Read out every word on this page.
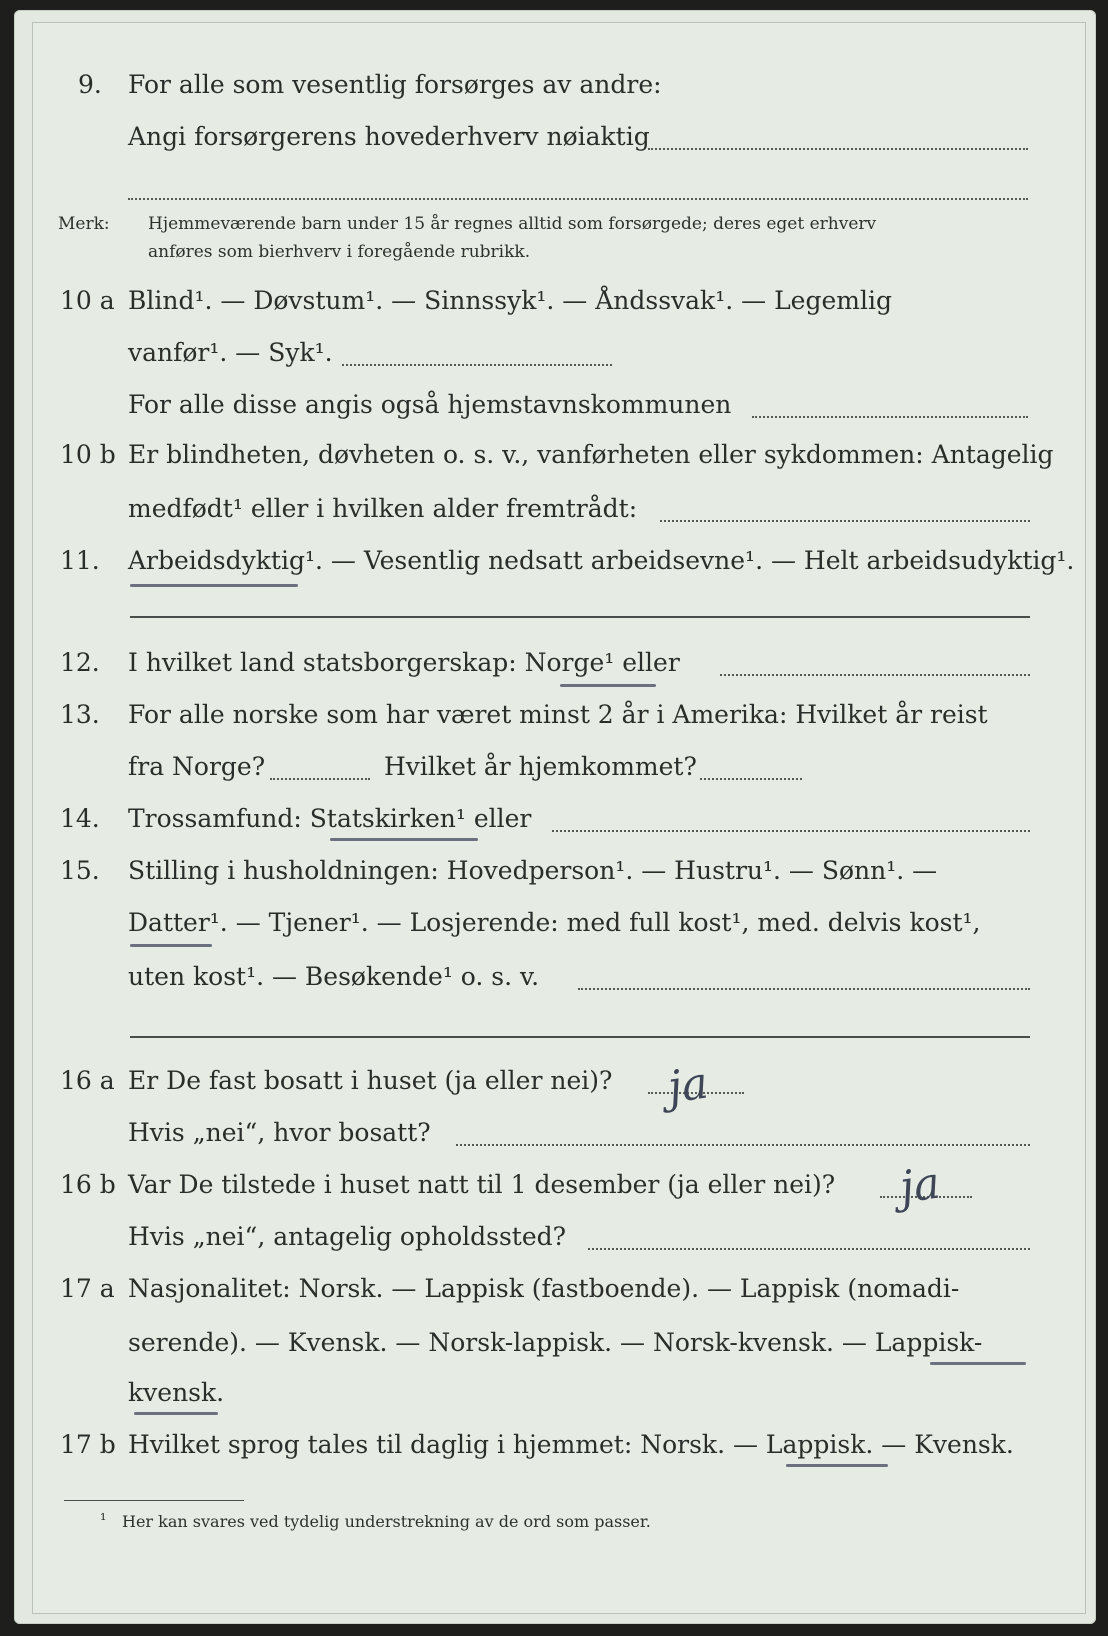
9. For alle som vesentlig forsørges av andre:
Angi forsørgerens hovederhverv nøiaktig
Merk: Hjemmeværende barn under 15 år regnes alltid som forsørgede; deres eget erhverv
anføres som bierhverv i foregående rubrikk.
10 a Blind¹. — Døvstum¹. — Sinnssyk¹. — Åndssvak¹. — Legemlig
vanfør¹. — Syk¹.
For alle disse angis også hjemstavnskommunen
10 b Er blindheten, døvheten o. s. v., vanførheten eller sykdommen: Antagelig
medfødt¹ eller i hvilken alder fremtrådt:
11. Arbeidsdyktig¹. — Vesentlig nedsatt arbeidsevne¹. — Helt arbeidsudyktig¹.
12. I hvilket land statsborgerskap: Norge¹ eller
13. For alle norske som har været minst 2 år i Amerika: Hvilket år reist
fra Norge?	Hvilket år hjemkommet?
14. Trossamfund: Statskirken¹ eller
15. Stilling i husholdningen: Hovedperson¹. — Hustru¹. — Sønn¹. —
Datter¹. — Tjener¹. — Losjerende: med full kost¹, med. delvis kost¹,
uten kost¹. — Besøkende¹ o. s. v.
16 a Er De fast bosatt i huset (ja eller nei)? ja
Hvis „nei“, hvor bosatt?
16 b Var De tilstede i huset natt til 1 desember (ja eller nei)? ja
Hvis „nei“, antagelig opholdssted?
17 a Nasjonalitet: Norsk. — Lappisk (fastboende). — Lappisk (nomadi-
serende). — Kvensk. — Norsk-lappisk. — Norsk-kvensk. — Lappisk-
kvensk.
17 b Hvilket sprog tales til daglig i hjemmet: Norsk. — Lappisk. — Kvensk.
¹ Her kan svares ved tydelig understrekning av de ord som passer.
